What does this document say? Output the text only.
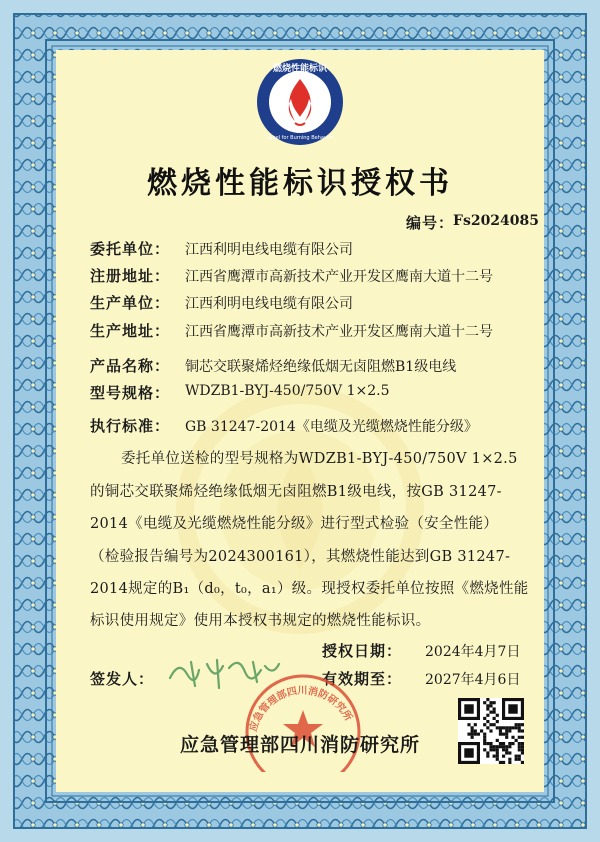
燃烧性能标识
Label for Burning Behavior
燃烧性能标识授权书
编号：
Fs2024085
委托单位： 江西利明电线电缆有限公司
注册地址： 江西省鹰潭市高新技术产业开发区鹰南大道十二号
生产单位： 江西利明电线电缆有限公司
生产地址： 江西省鹰潭市高新技术产业开发区鹰南大道十二号
产品名称： 铜芯交联聚烯烃绝缘低烟无卤阻燃B1级电线
型号规格： WDZB1-BYJ-450/750V 1×2.5
执行标准： GB 31247-2014《电缆及光缆燃烧性能分级》
委托单位送检的型号规格为WDZB1-BYJ-450/750V 1×2.5
的铜芯交联聚烯烃绝缘低烟无卤阻燃B1级电线，按GB 31247-
2014《电缆及光缆燃烧性能分级》进行型式检验（安全性能）
（检验报告编号为2024300161），其燃烧性能达到GB 31247-
2014规定的B₁（d₀，t₀，a₁）级。现授权委托单位按照《燃烧性能
标识使用规定》使用本授权书规定的燃烧性能标识。
授权日期： 2024年4月7日
签发人：	有效期至： 2027年4月6日
应急管理部四川消防研究所
应急管理部四川消防研究所
